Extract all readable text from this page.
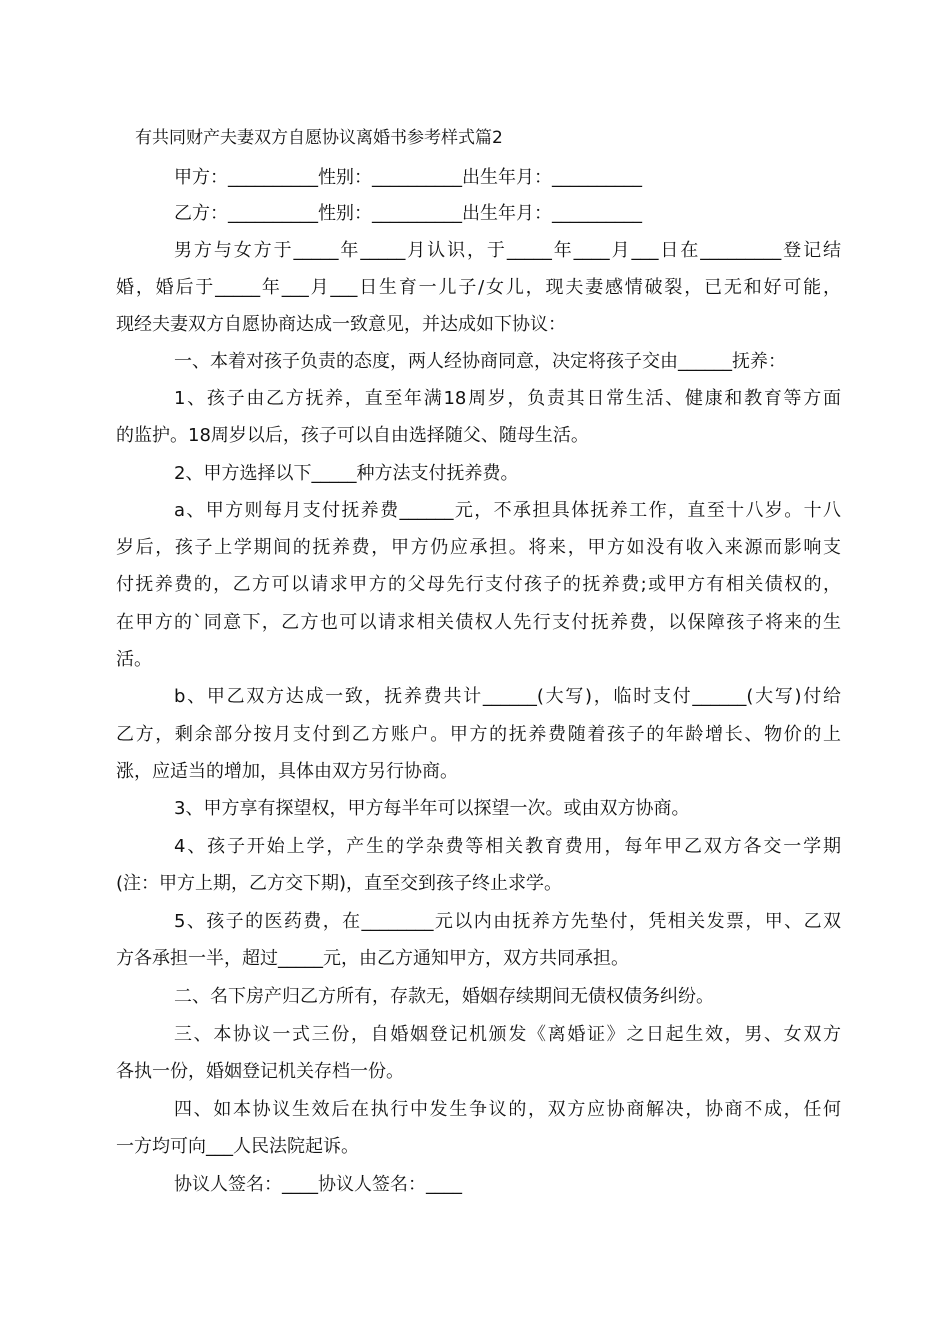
有共同财产夫妻双方自愿协议离婚书参考样式篇2
甲方：__________性别：__________出生年月：__________
乙方：__________性别：__________出生年月：__________
男方与女方于_____年_____月认识，于_____年____月___日在_________登记结
婚，婚后于_____年___月___日生育一儿子/女儿，现夫妻感情破裂，已无和好可能，
现经夫妻双方自愿协商达成一致意见，并达成如下协议：
一、本着对孩子负责的态度，两人经协商同意，决定将孩子交由______抚养：
1、孩子由乙方抚养，直至年满18周岁，负责其日常生活、健康和教育等方面
的监护。18周岁以后，孩子可以自由选择随父、随母生活。
2、甲方选择以下_____种方法支付抚养费。
a、甲方则每月支付抚养费______元，不承担具体抚养工作，直至十八岁。十八
岁后，孩子上学期间的抚养费，甲方仍应承担。将来，甲方如没有收入来源而影响支
付抚养费的，乙方可以请求甲方的父母先行支付孩子的抚养费;或甲方有相关债权的，
在甲方的`同意下，乙方也可以请求相关债权人先行支付抚养费，以保障孩子将来的生
活。
b、甲乙双方达成一致，抚养费共计______(大写)，临时支付______(大写)付给
乙方，剩余部分按月支付到乙方账户。甲方的抚养费随着孩子的年龄增长、物价的上
涨，应适当的增加，具体由双方另行协商。
3、甲方享有探望权，甲方每半年可以探望一次。或由双方协商。
4、孩子开始上学，产生的学杂费等相关教育费用，每年甲乙双方各交一学期
(注：甲方上期，乙方交下期)，直至交到孩子终止求学。
5、孩子的医药费，在________元以内由抚养方先垫付，凭相关发票，甲、乙双
方各承担一半，超过_____元，由乙方通知甲方，双方共同承担。
二、名下房产归乙方所有，存款无，婚姻存续期间无债权债务纠纷。
三、本协议一式三份，自婚姻登记机颁发《离婚证》之日起生效，男、女双方
各执一份，婚姻登记机关存档一份。
四、如本协议生效后在执行中发生争议的，双方应协商解决，协商不成，任何
一方均可向___人民法院起诉。
协议人签名：____协议人签名：____
